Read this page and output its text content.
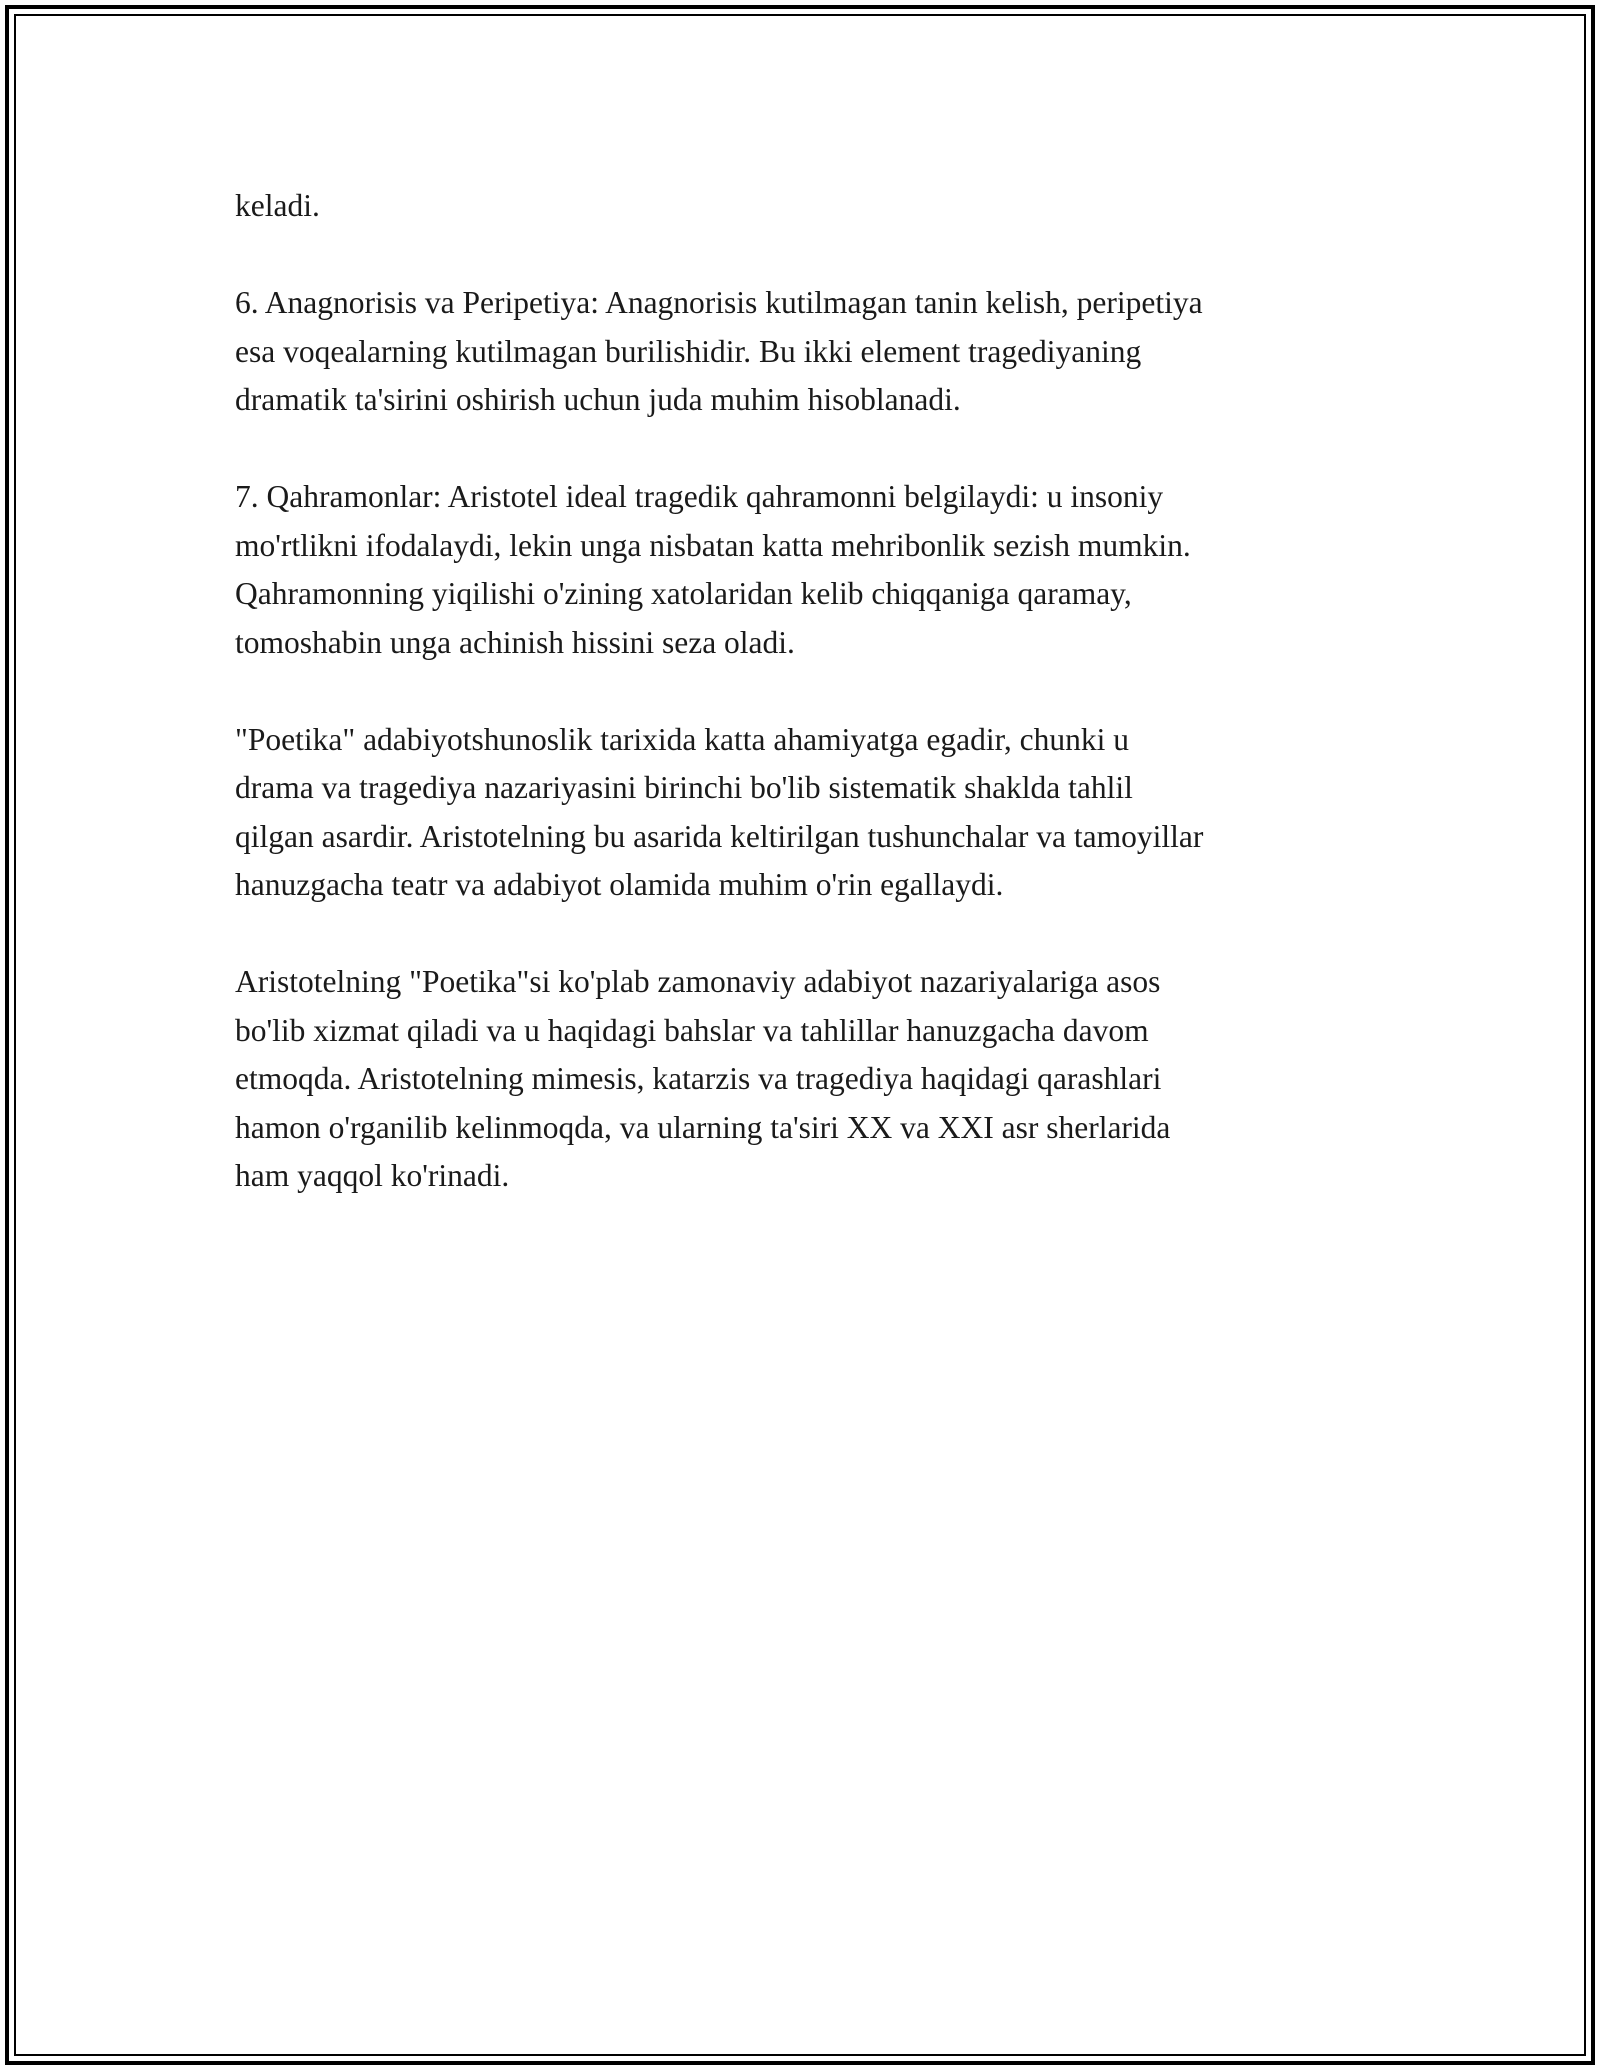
keladi.

6. Anagnorisis va Peripetiya: Anagnorisis kutilmagan tanin kelish, peripetiya
esa voqealarning kutilmagan burilishidir. Bu ikki element tragediyaning
dramatik ta'sirini oshirish uchun juda muhim hisoblanadi.

7. Qahramonlar: Aristotel ideal tragedik qahramonni belgilaydi: u insoniy
mo'rtlikni ifodalaydi, lekin unga nisbatan katta mehribonlik sezish mumkin.
Qahramonning yiqilishi o'zining xatolaridan kelib chiqqaniga qaramay,
tomoshabin unga achinish hissini seza oladi.

"Poetika" adabiyotshunoslik tarixida katta ahamiyatga egadir, chunki u
drama va tragediya nazariyasini birinchi bo'lib sistematik shaklda tahlil
qilgan asardir. Aristotelning bu asarida keltirilgan tushunchalar va tamoyillar
hanuzgacha teatr va adabiyot olamida muhim o'rin egallaydi.

Aristotelning "Poetika"si ko'plab zamonaviy adabiyot nazariyalariga asos
bo'lib xizmat qiladi va u haqidagi bahslar va tahlillar hanuzgacha davom
etmoqda. Aristotelning mimesis, katarzis va tragediya haqidagi qarashlari
hamon o'rganilib kelinmoqda, va ularning ta'siri XX va XXI asr sherlarida
ham yaqqol ko'rinadi.
